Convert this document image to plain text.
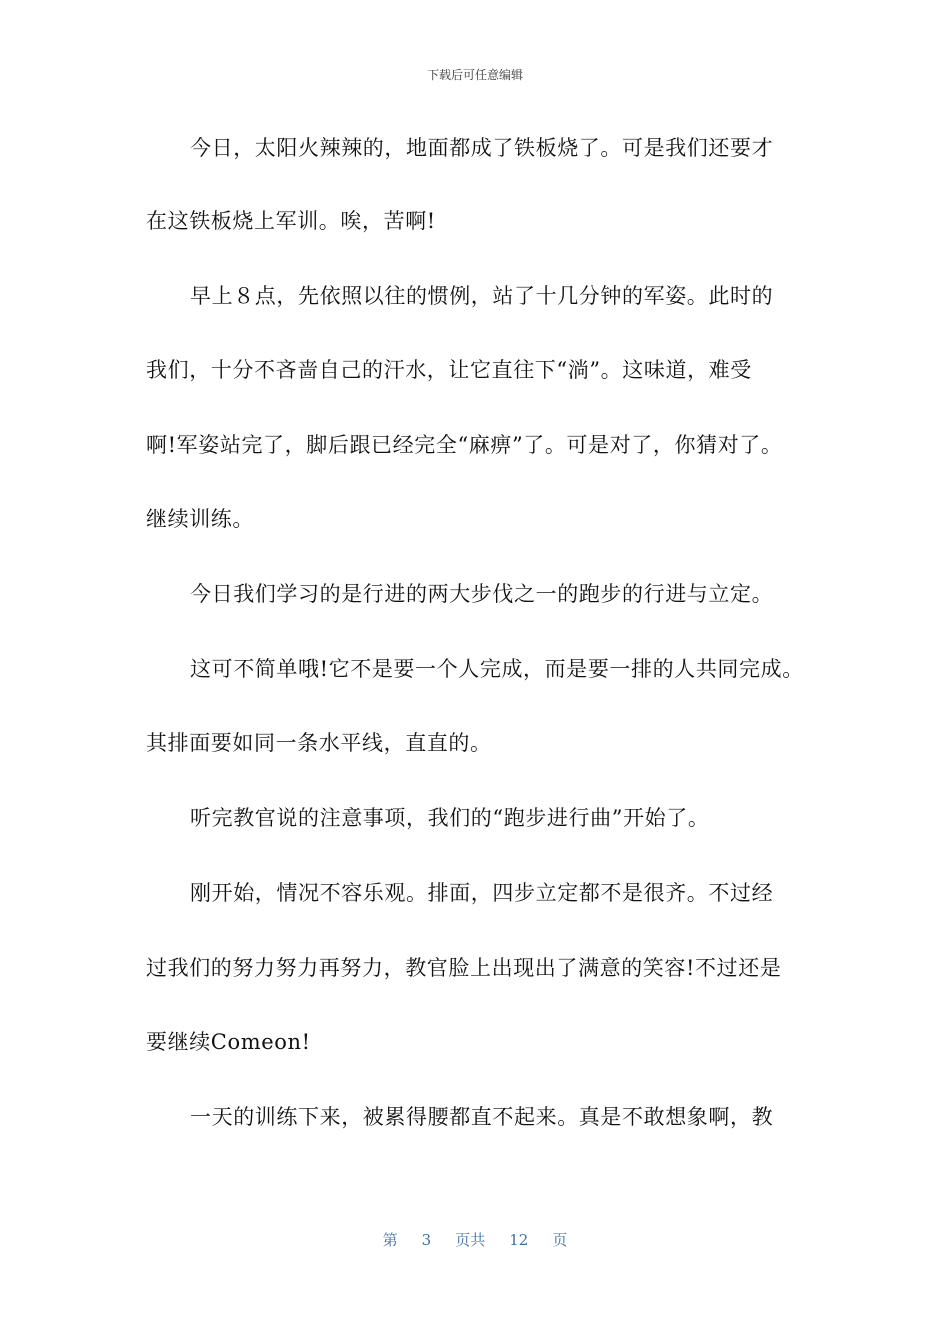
下载后可任意编辑
今日，太阳火辣辣的，地面都成了铁板烧了。可是我们还要才
在这铁板烧上军训。唉，苦啊!
早上８点，先依照以往的惯例，站了十几分钟的军姿。此时的
我们，十分不吝啬自己的汗水，让它直往下“淌”。这味道，难受
啊!军姿站完了，脚后跟已经完全“麻痹”了。可是对了，你猜对了。
继续训练。
今日我们学习的是行进的两大步伐之一的跑步的行进与立定。
这可不简单哦!它不是要一个人完成，而是要一排的人共同完成。
其排面要如同一条水平线，直直的。
听完教官说的注意事项，我们的“跑步进行曲”开始了。
刚开始，情况不容乐观。排面，四步立定都不是很齐。不过经
过我们的努力努力再努力，教官脸上出现出了满意的笑容!不过还是
要继续Comeon!
一天的训练下来，被累得腰都直不起来。真是不敢想象啊，教
第 3 页共 12 页
